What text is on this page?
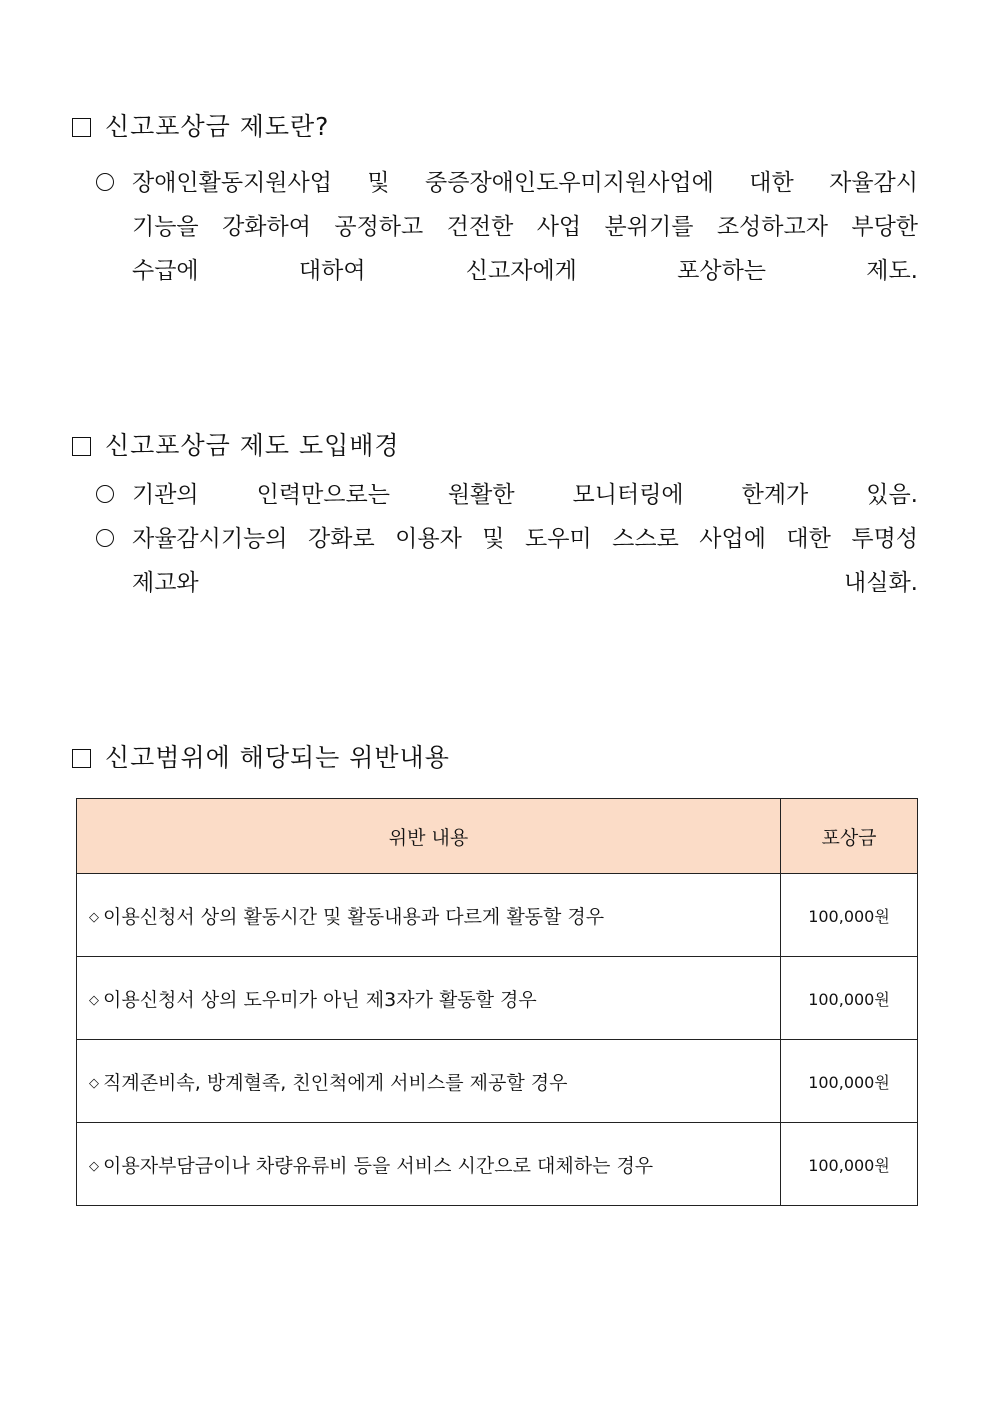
신고포상금 제도란?
장애인활동지원사업 및 중증장애인도우미지원사업에 대한 자율감시
기능을 강화하여 공정하고 건전한 사업 분위기를 조성하고자 부당한
수급에 대하여 신고자에게 포상하는 제도.
신고포상금 제도 도입배경
기관의 인력만으로는 원활한 모니터링에 한계가 있음.
자율감시기능의 강화로 이용자 및 도우미 스스로 사업에 대한 투명성
제고와 내실화.
신고범위에 해당되는 위반내용
위반 내용	포상금
◇ 이용신청서 상의 활동시간 및 활동내용과 다르게 활동할 경우	100,000원
◇ 이용신청서 상의 도우미가 아닌 제3자가 활동할 경우	100,000원
◇ 직계존비속, 방계혈족, 친인척에게 서비스를 제공할 경우	100,000원
◇ 이용자부담금이나 차량유류비 등을 서비스 시간으로 대체하는 경우	100,000원
